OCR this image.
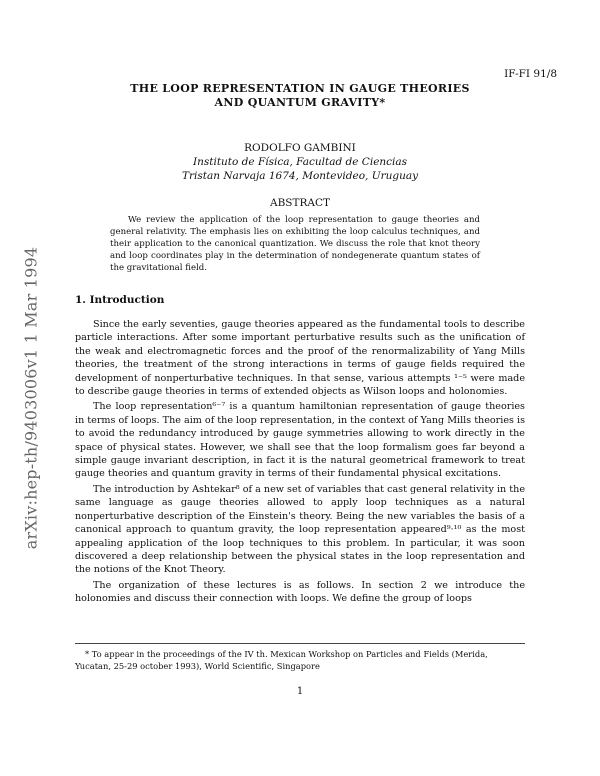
arXiv:hep-th/9403006v1 1 Mar 1994
IF-FI 91/8
THE LOOP REPRESENTATION IN GAUGE THEORIES
AND QUANTUM GRAVITY*
RODOLFO GAMBINI
Instituto de Física, Facultad de Ciencias
Tristan Narvaja 1674, Montevideo, Uruguay
ABSTRACT

We review the application of the loop representation to gauge theories and general relativity. The emphasis lies on exhibiting the loop calculus techniques, and their application to the canonical quantization. We discuss the role that knot theory and loop coordinates play in the determination of nondegenerate quantum states of the gravitational field.

1. Introduction

Since the early seventies, gauge theories appeared as the fundamental tools to describe particle interactions. After some important perturbative results such as the unification of the weak and electromagnetic forces and the proof of the renormalizability of Yang Mills theories, the treatment of the strong interactions in terms of gauge fields required the development of nonperturbative techniques. In that sense, various attempts ¹⁻⁵ were made to describe gauge theories in terms of extended objects as Wilson loops and holonomies.

The loop representation⁶⁻⁷ is a quantum hamiltonian representation of gauge theories in terms of loops. The aim of the loop representation, in the context of Yang Mills theories is to avoid the redundancy introduced by gauge symmetries allowing to work directly in the space of physical states. However, we shall see that the loop formalism goes far beyond a simple gauge invariant description, in fact it is the natural geometrical framework to treat gauge theories and quantum gravity in terms of their fundamental physical excitations.

The introduction by Ashtekar⁸ of a new set of variables that cast general relativity in the same language as gauge theories allowed to apply loop techniques as a natural nonperturbative description of the Einstein's theory. Being the new variables the basis of a canonical approach to quantum gravity, the loop representation appeared⁹·¹⁰ as the most appealing application of the loop techniques to this problem. In particular, it was soon discovered a deep relationship between the physical states in the loop representation and the notions of the Knot Theory.

The organization of these lectures is as follows. In section 2 we introduce the holonomies and discuss their connection with loops. We define the group of loops

* To appear in the proceedings of the IV th. Mexican Workshop on Particles and Fields (Merida, Yucatan, 25-29 october 1993), World Scientific, Singapore

1
